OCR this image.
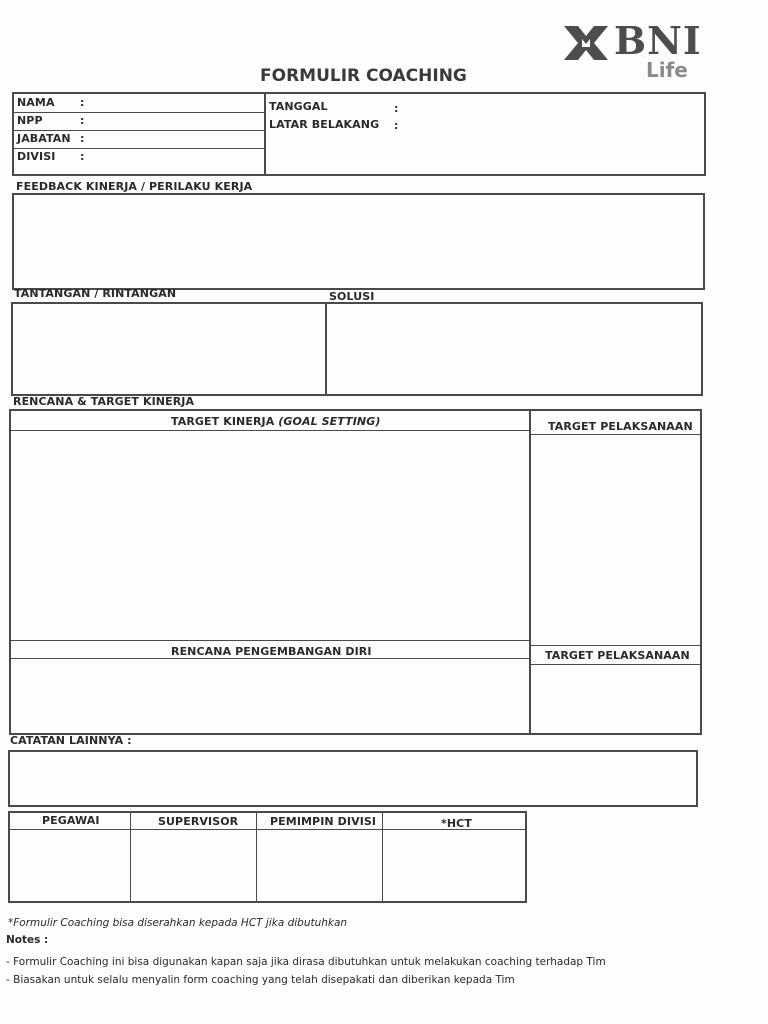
BNI
Life
FORMULIR COACHING
NAMA :
NPP	:
JABATAN :
DIVISI :
TANGGAL	:
LATAR BELAKANG :
FEEDBACK KINERJA / PERILAKU KERJA
TANTANGAN / RINTANGAN	SOLUSI
RENCANA & TARGET KINERJA
TARGET KINERJA (GOAL SETTING)	TARGET PELAKSANAAN
RENCANA PENGEMBANGAN DIRI	TARGET PELAKSANAAN
CATATAN LAINNYA :
PEGAWAI	SUPERVISOR	PEMIMPIN DIVISI	*HCT
*Formulir Coaching bisa diserahkan kepada HCT jika dibutuhkan
Notes :
- Formulir Coaching ini bisa digunakan kapan saja jika dirasa dibutuhkan untuk melakukan coaching terhadap Tim
- Biasakan untuk selalu menyalin form coaching yang telah disepakati dan diberikan kepada Tim
